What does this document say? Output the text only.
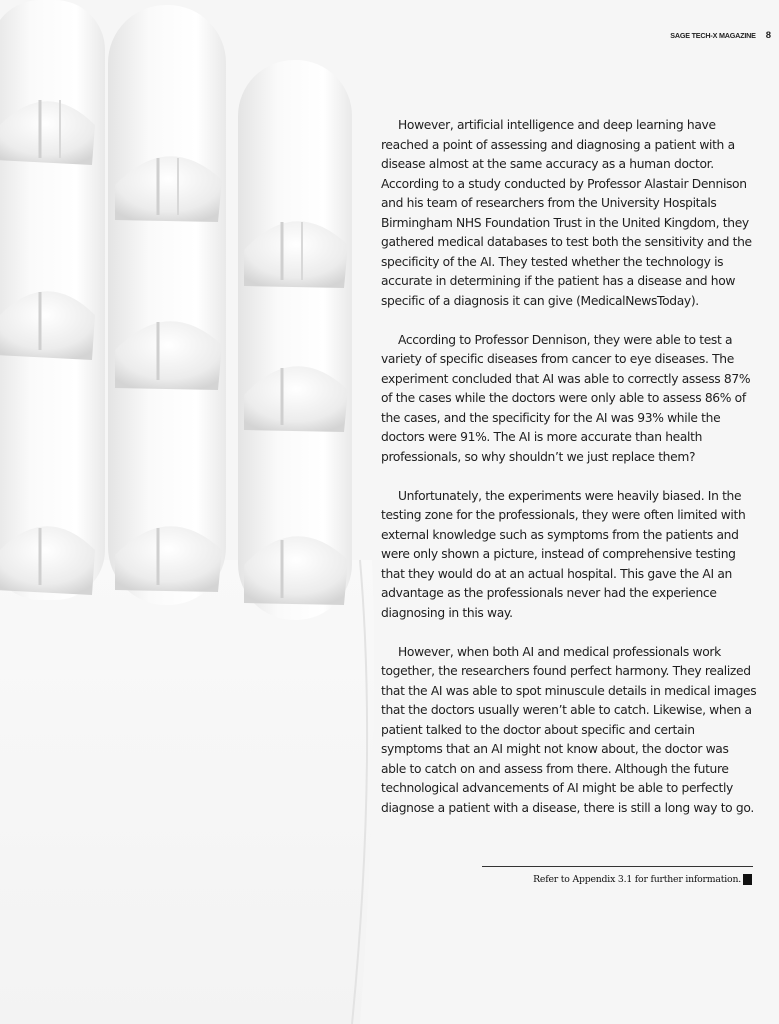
SAGE TECH-X MAGAZINE 8

However, artificial intelligence and deep learning have reached a point of assessing and diagnosing a patient with a disease almost at the same accuracy as a human doctor. According to a study conducted by Professor Alastair Dennison and his team of researchers from the University Hospitals Birmingham NHS Foundation Trust in the United Kingdom, they gathered medical databases to test both the sensitivity and the specificity of the AI. They tested whether the technology is accurate in determining if the patient has a disease and how specific of a diagnosis it can give (MedicalNewsToday).

According to Professor Dennison, they were able to test a variety of specific diseases from cancer to eye diseases. The experiment concluded that AI was able to correctly assess 87% of the cases while the doctors were only able to assess 86% of the cases, and the specificity for the AI was 93% while the doctors were 91%. The AI is more accurate than health professionals, so why shouldn’t we just replace them?

Unfortunately, the experiments were heavily biased. In the testing zone for the professionals, they were often limited with external knowledge such as symptoms from the patients and were only shown a picture, instead of comprehensive testing that they would do at an actual hospital. This gave the AI an advantage as the professionals never had the experience diagnosing in this way.

However, when both AI and medical professionals work together, the researchers found perfect harmony. They realized that the AI was able to spot minuscule details in medical images that the doctors usually weren’t able to catch. Likewise, when a patient talked to the doctor about specific and certain symptoms that an AI might not know about, the doctor was able to catch on and assess from there. Although the future technological advancements of AI might be able to perfectly diagnose a patient with a disease, there is still a long way to go.

Refer to Appendix 3.1 for further information.
